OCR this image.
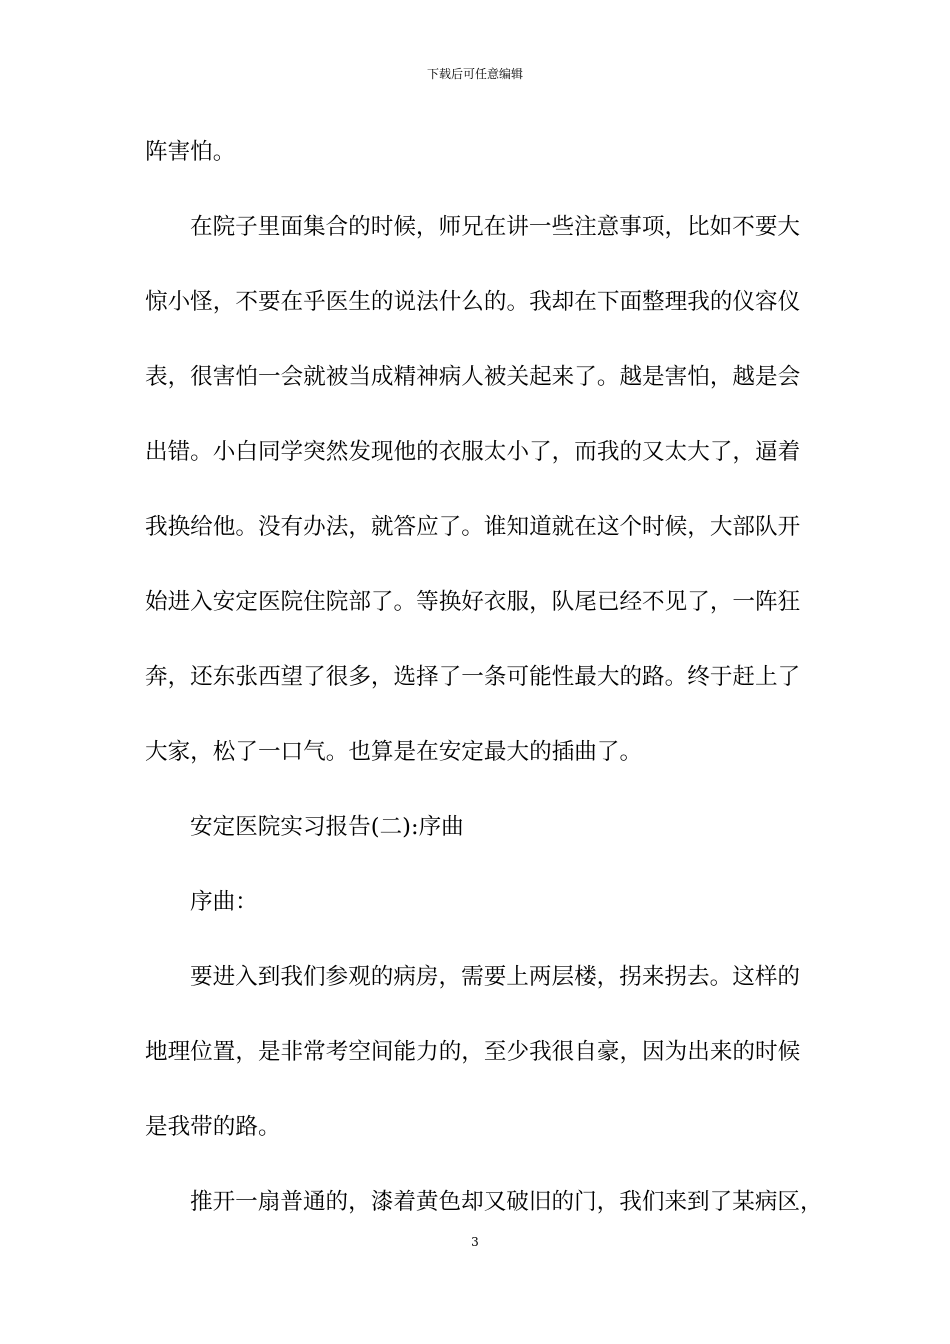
下载后可任意编辑
阵害怕。
在院子里面集合的时候，师兄在讲一些注意事项，比如不要大
惊小怪，不要在乎医生的说法什么的。我却在下面整理我的仪容仪
表，很害怕一会就被当成精神病人被关起来了。越是害怕，越是会
出错。小白同学突然发现他的衣服太小了，而我的又太大了，逼着
我换给他。没有办法，就答应了。谁知道就在这个时候，大部队开
始进入安定医院住院部了。等换好衣服，队尾已经不见了，一阵狂
奔，还东张西望了很多，选择了一条可能性最大的路。终于赶上了
大家，松了一口气。也算是在安定最大的插曲了。
安定医院实习报告(二):序曲
序曲：
要进入到我们参观的病房，需要上两层楼，拐来拐去。这样的
地理位置，是非常考空间能力的，至少我很自豪，因为出来的时候
是我带的路。
推开一扇普通的，漆着黄色却又破旧的门，我们来到了某病区，
3
